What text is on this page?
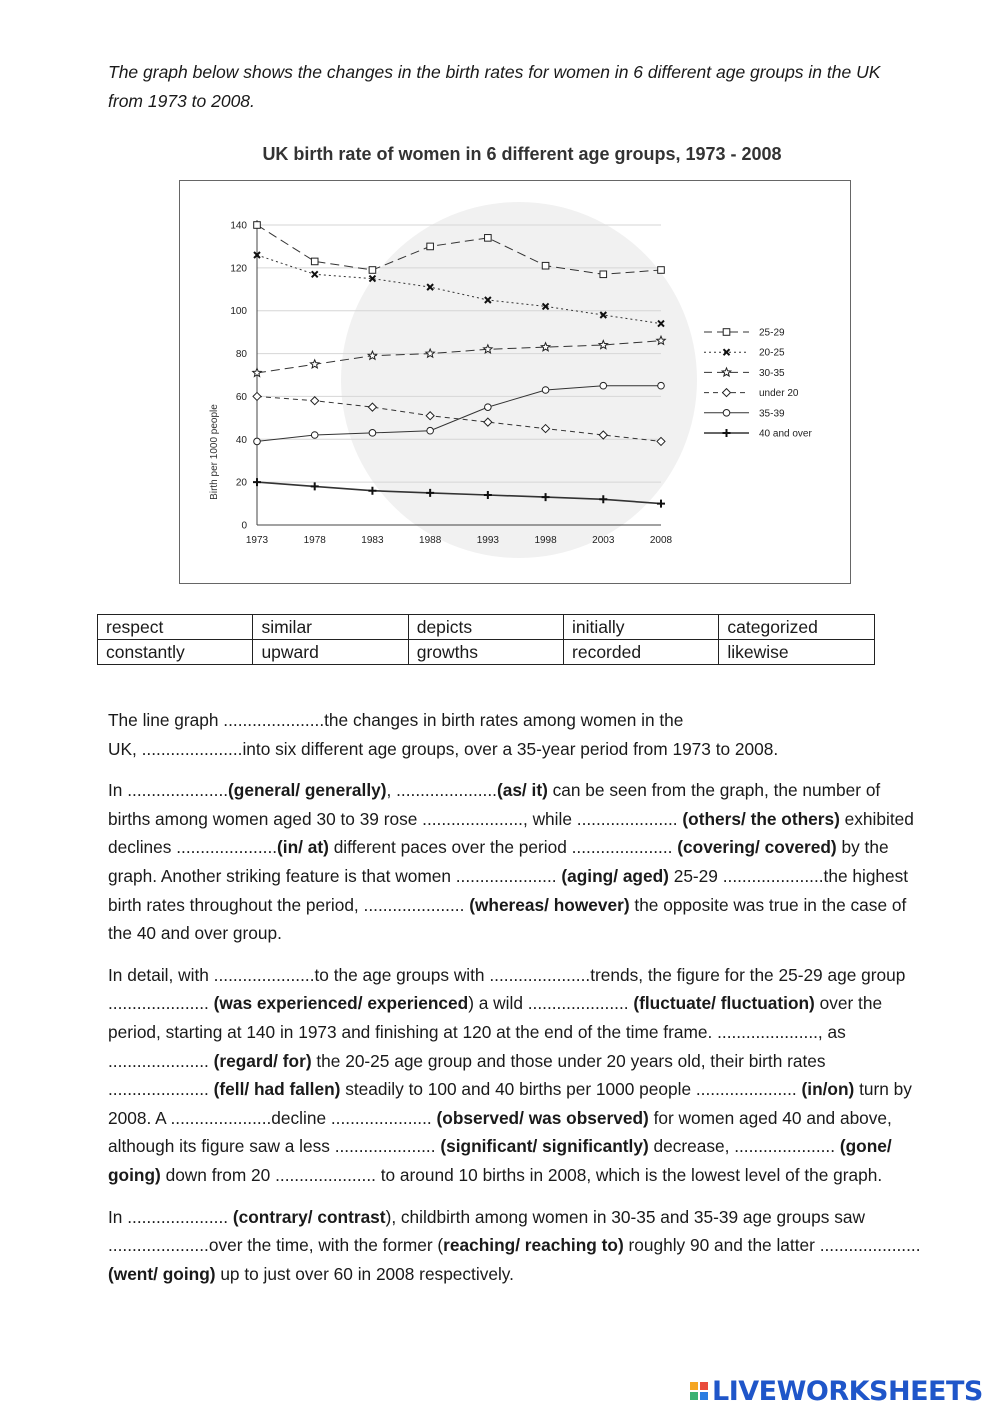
The graph below shows the changes in the birth rates for women in 6 different age groups in the UK from 1973 to 2008.
UK birth rate of women in 6 different age groups, 1973 - 2008
0
20
40
60
80
100
120
140
1973	1978	1983	1988	1993	1998	2003	2008
25-29
20-25
30-35
under 20
35-39
40 and over
Birth per 1000 people
respect	similar	depicts	initially	categorized
constantly	upward	growths	recorded	likewise

The line graph .....................the changes in birth rates among women in the
UK, .....................into six different age groups, over a 35-year period from 1973 to 2008.

In .....................(general/ generally), .....................(as/ it) can be seen from the graph, the number of births among women aged 30 to 39 rose ....................., while ..................... (others/ the others) exhibited declines .....................(in/ at) different paces over the period ..................... (covering/ covered) by the graph. Another striking feature is that women ..................... (aging/ aged) 25-29 .....................the highest birth rates throughout the period, ..................... (whereas/ however) the opposite was true in the case of the 40 and over group.

In detail, with .....................to the age groups with .....................trends, the figure for the 25-29 age group ..................... (was experienced/ experienced) a wild ..................... (fluctuate/ fluctuation) over the period, starting at 140 in 1973 and finishing at 120 at the end of the time frame. ....................., as ..................... (regard/ for) the 20-25 age group and those under 20 years old, their birth rates ..................... (fell/ had fallen) steadily to 100 and 40 births per 1000 people ..................... (in/on) turn by 2008. A .....................decline ..................... (observed/ was observed) for women aged 40 and above, although its figure saw a less ..................... (significant/ significantly) decrease, ..................... (gone/ going) down from 20 ..................... to around 10 births in 2008, which is the lowest level of the graph.

In ..................... (contrary/ contrast), childbirth among women in 30-35 and 35-39 age groups saw .....................over the time, with the former (reaching/ reaching to) roughly 90 and the latter ..................... (went/ going) up to just over 60 in 2008 respectively.

LIVEWORKSHEETS
